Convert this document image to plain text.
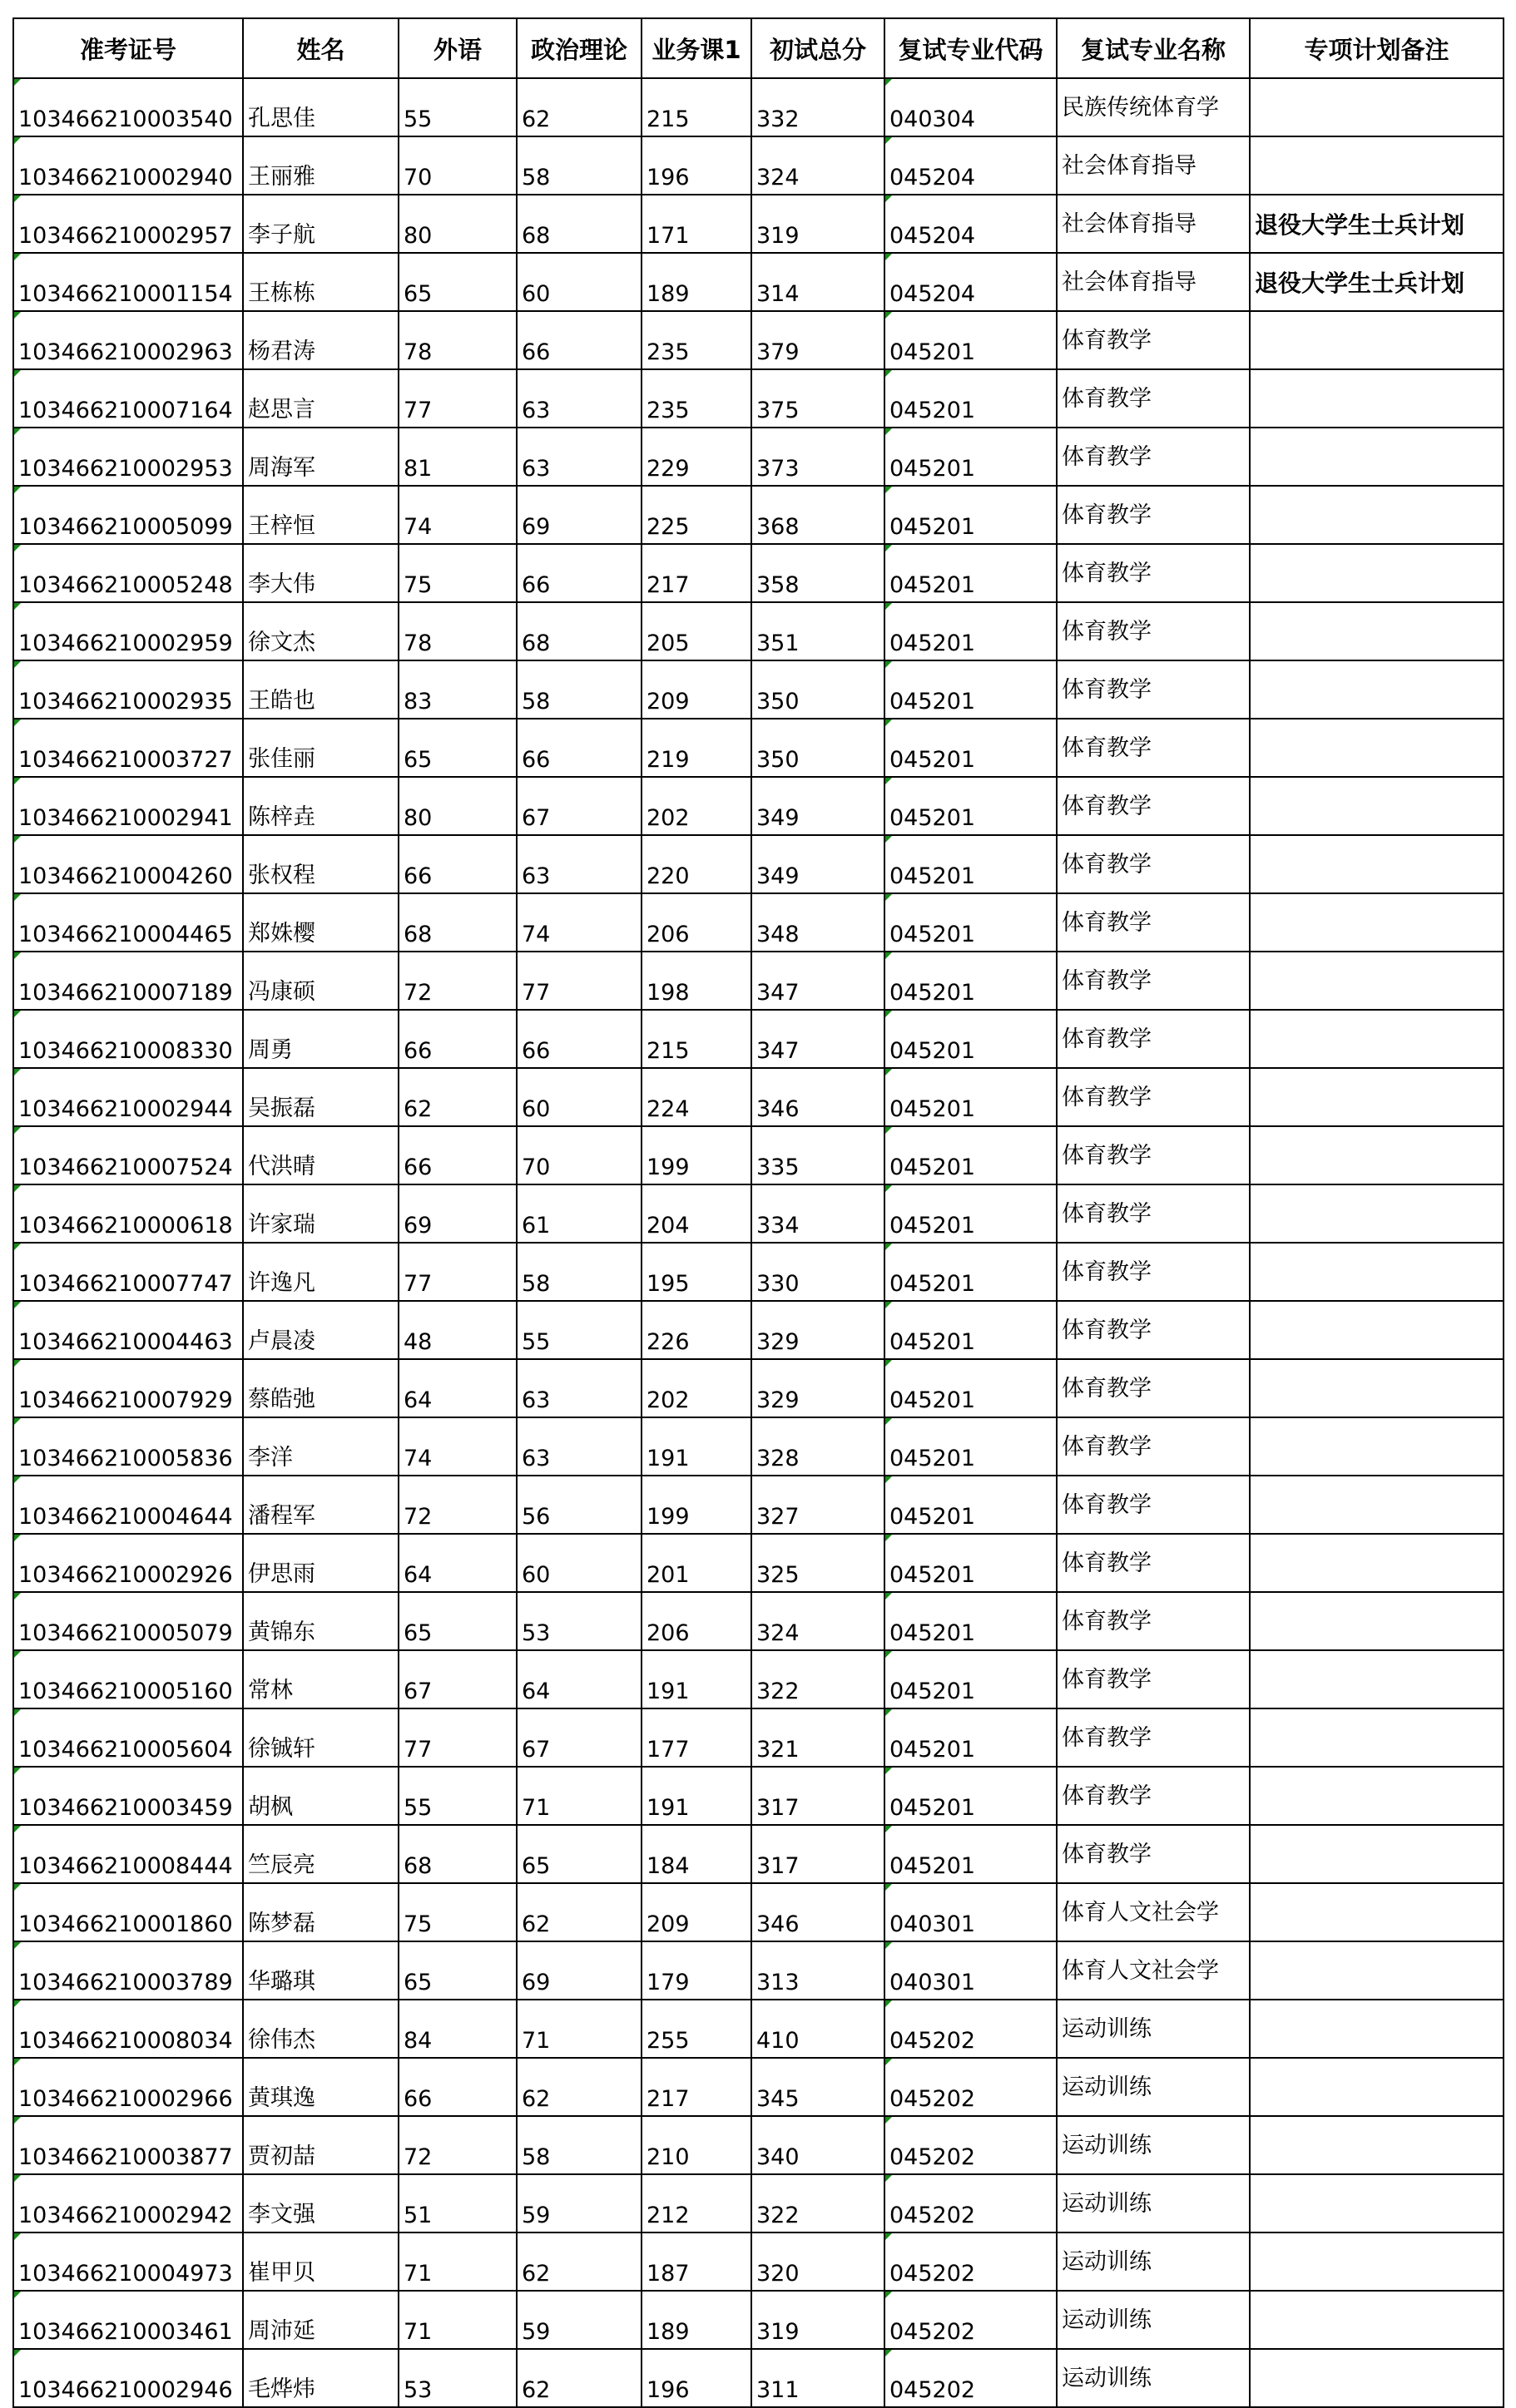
准考证号	姓名	外语	政治理论	业务课1	初试总分	复试专业代码	复试专业名称	专项计划备注
103466210003540	孔思佳	55	62	215	332	040304	民族传统体育学	
103466210002940	王丽雅	70	58	196	324	045204	社会体育指导	
103466210002957	李子航	80	68	171	319	045204	社会体育指导	退役大学生士兵计划
103466210001154	王栋栋	65	60	189	314	045204	社会体育指导	退役大学生士兵计划
103466210002963	杨君涛	78	66	235	379	045201	体育教学	
103466210007164	赵思言	77	63	235	375	045201	体育教学	
103466210002953	周海军	81	63	229	373	045201	体育教学	
103466210005099	王梓恒	74	69	225	368	045201	体育教学	
103466210005248	李大伟	75	66	217	358	045201	体育教学	
103466210002959	徐文杰	78	68	205	351	045201	体育教学	
103466210002935	王皓也	83	58	209	350	045201	体育教学	
103466210003727	张佳丽	65	66	219	350	045201	体育教学	
103466210002941	陈梓垚	80	67	202	349	045201	体育教学	
103466210004260	张权程	66	63	220	349	045201	体育教学	
103466210004465	郑姝樱	68	74	206	348	045201	体育教学	
103466210007189	冯康硕	72	77	198	347	045201	体育教学	
103466210008330	周勇	66	66	215	347	045201	体育教学	
103466210002944	吴振磊	62	60	224	346	045201	体育教学	
103466210007524	代洪晴	66	70	199	335	045201	体育教学	
103466210000618	许家瑞	69	61	204	334	045201	体育教学	
103466210007747	许逸凡	77	58	195	330	045201	体育教学	
103466210004463	卢晨凌	48	55	226	329	045201	体育教学	
103466210007929	蔡皓弛	64	63	202	329	045201	体育教学	
103466210005836	李洋	74	63	191	328	045201	体育教学	
103466210004644	潘程军	72	56	199	327	045201	体育教学	
103466210002926	伊思雨	64	60	201	325	045201	体育教学	
103466210005079	黄锦东	65	53	206	324	045201	体育教学	
103466210005160	常林	67	64	191	322	045201	体育教学	
103466210005604	徐铖轩	77	67	177	321	045201	体育教学	
103466210003459	胡枫	55	71	191	317	045201	体育教学	
103466210008444	竺辰亮	68	65	184	317	045201	体育教学	
103466210001860	陈梦磊	75	62	209	346	040301	体育人文社会学	
103466210003789	华璐琪	65	69	179	313	040301	体育人文社会学	
103466210008034	徐伟杰	84	71	255	410	045202	运动训练	
103466210002966	黄琪逸	66	62	217	345	045202	运动训练	
103466210003877	贾初喆	72	58	210	340	045202	运动训练	
103466210002942	李文强	51	59	212	322	045202	运动训练	
103466210004973	崔甲贝	71	62	187	320	045202	运动训练	
103466210003461	周沛延	71	59	189	319	045202	运动训练	
103466210002946	毛烨炜	53	62	196	311	045202	运动训练	
